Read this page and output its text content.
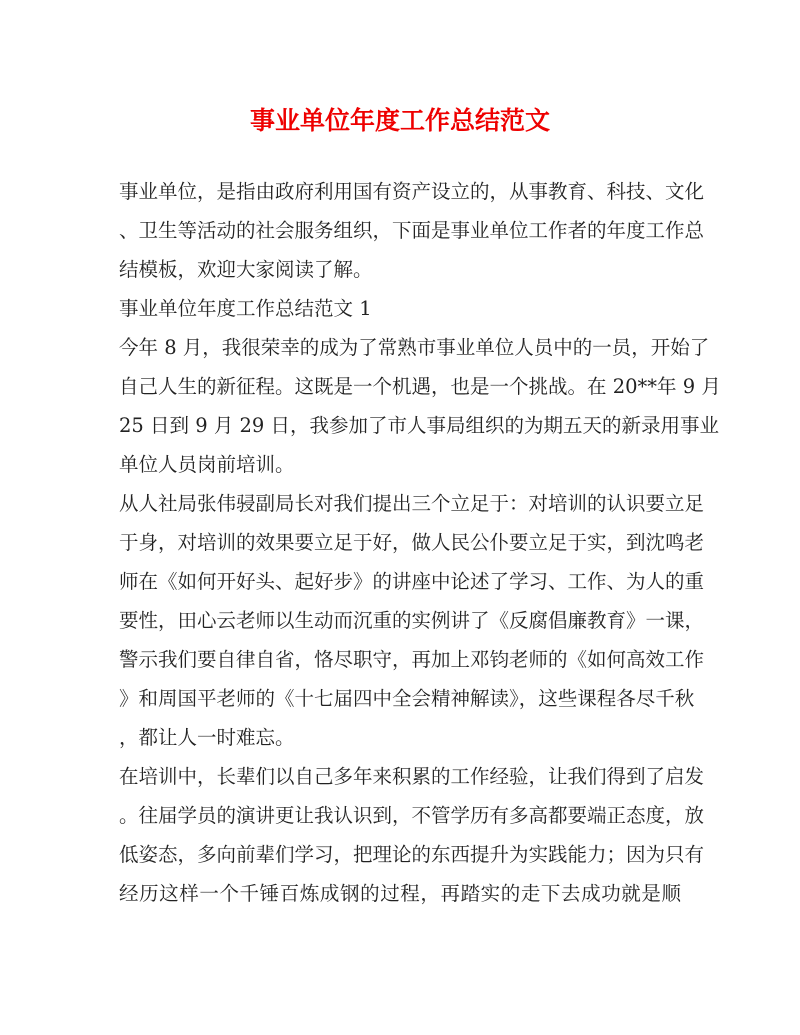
事业单位年度工作总结范文
事业单位，是指由政府利用国有资产设立的，从事教育、科技、文化
、卫生等活动的社会服务组织，下面是事业单位工作者的年度工作总
结模板，欢迎大家阅读了解。
事业单位年度工作总结范文 1
今年 8 月，我很荣幸的成为了常熟市事业单位人员中的一员，开始了
自己人生的新征程。这既是一个机遇，也是一个挑战。在 20**年 9 月
25 日到 9 月 29 日，我参加了市人事局组织的为期五天的新录用事业
单位人员岗前培训。
从人社局张伟骎副局长对我们提出三个立足于：对培训的认识要立足
于身，对培训的效果要立足于好，做人民公仆要立足于实，到沈鸣老
师在《如何开好头、起好步》的讲座中论述了学习、工作、为人的重
要性，田心云老师以生动而沉重的实例讲了《反腐倡廉教育》一课，
警示我们要自律自省，恪尽职守，再加上邓钧老师的《如何高效工作
》和周国平老师的《十七届四中全会精神解读》，这些课程各尽千秋
，都让人一时难忘。
在培训中，长辈们以自己多年来积累的工作经验，让我们得到了启发
。往届学员的演讲更让我认识到，不管学历有多高都要端正态度，放
低姿态，多向前辈们学习，把理论的东西提升为实践能力；因为只有
经历这样一个千锤百炼成钢的过程，再踏实的走下去成功就是顺
